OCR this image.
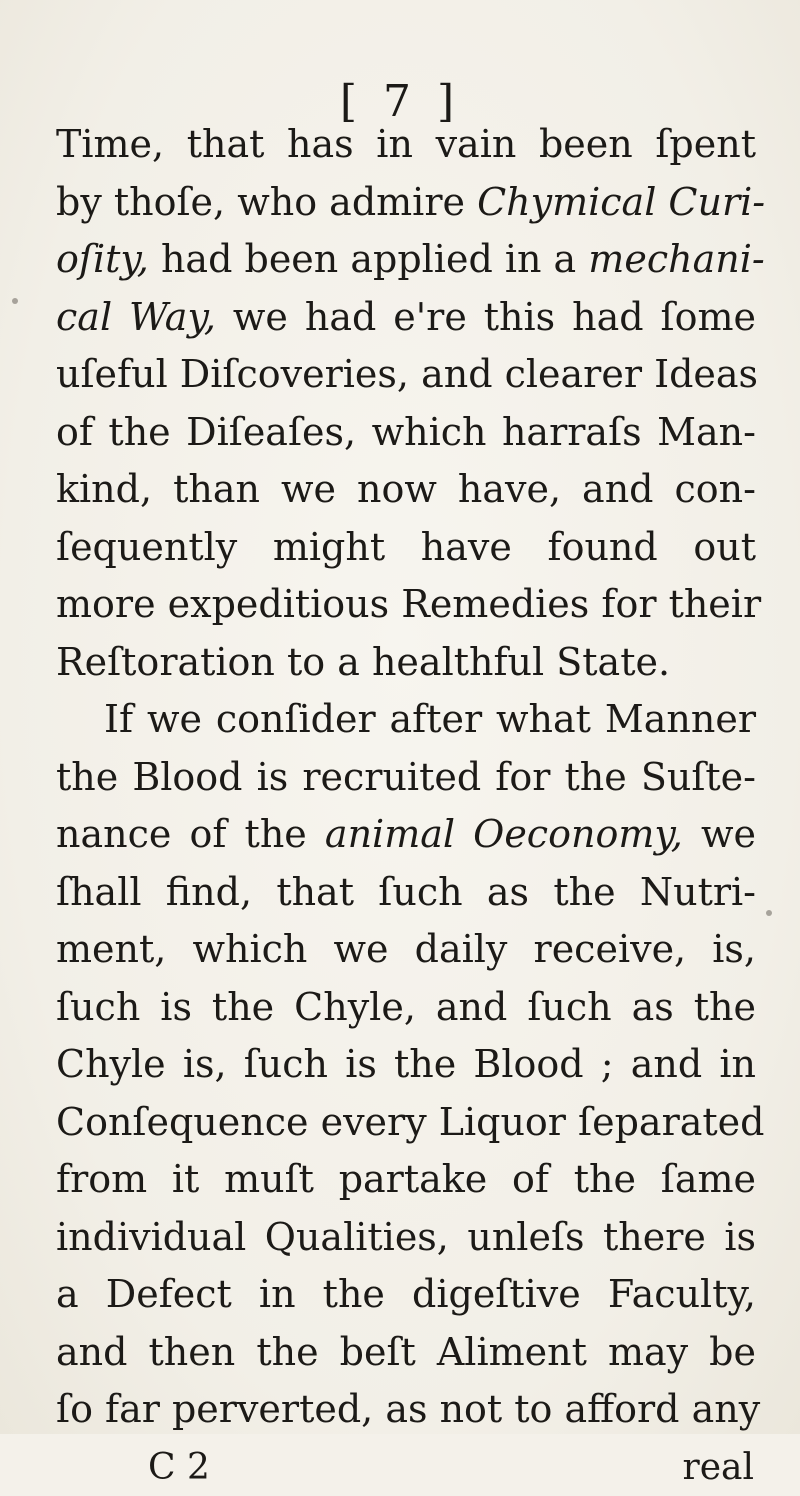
[ 7 ]
Time, that has in vain been ſpent
by thoſe, who admire Chymical Curi-
oſity, had been applied in a mechani-
cal Way, we had e're this had ſome
uſeful Diſcoveries, and clearer Ideas
of the Diſeaſes, which harraſs Man-
kind, than we now have, and con-
ſequently might have found out
more expeditious Remedies for their
Reſtoration to a healthful State.
If we conſider after what Manner
the Blood is recruited for the Suſte-
nance of the animal Oeconomy, we
ſhall find, that ſuch as the Nutri-
ment, which we daily receive, is,
ſuch is the Chyle, and ſuch as the
Chyle is, ſuch is the Blood ; and in
Conſequence every Liquor ſeparated
from it muſt partake of the ſame
individual Qualities, unleſs there is
a Defect in the digeſtive Faculty,
and then the beſt Aliment may be
ſo far perverted, as not to afford any
C 2	real
